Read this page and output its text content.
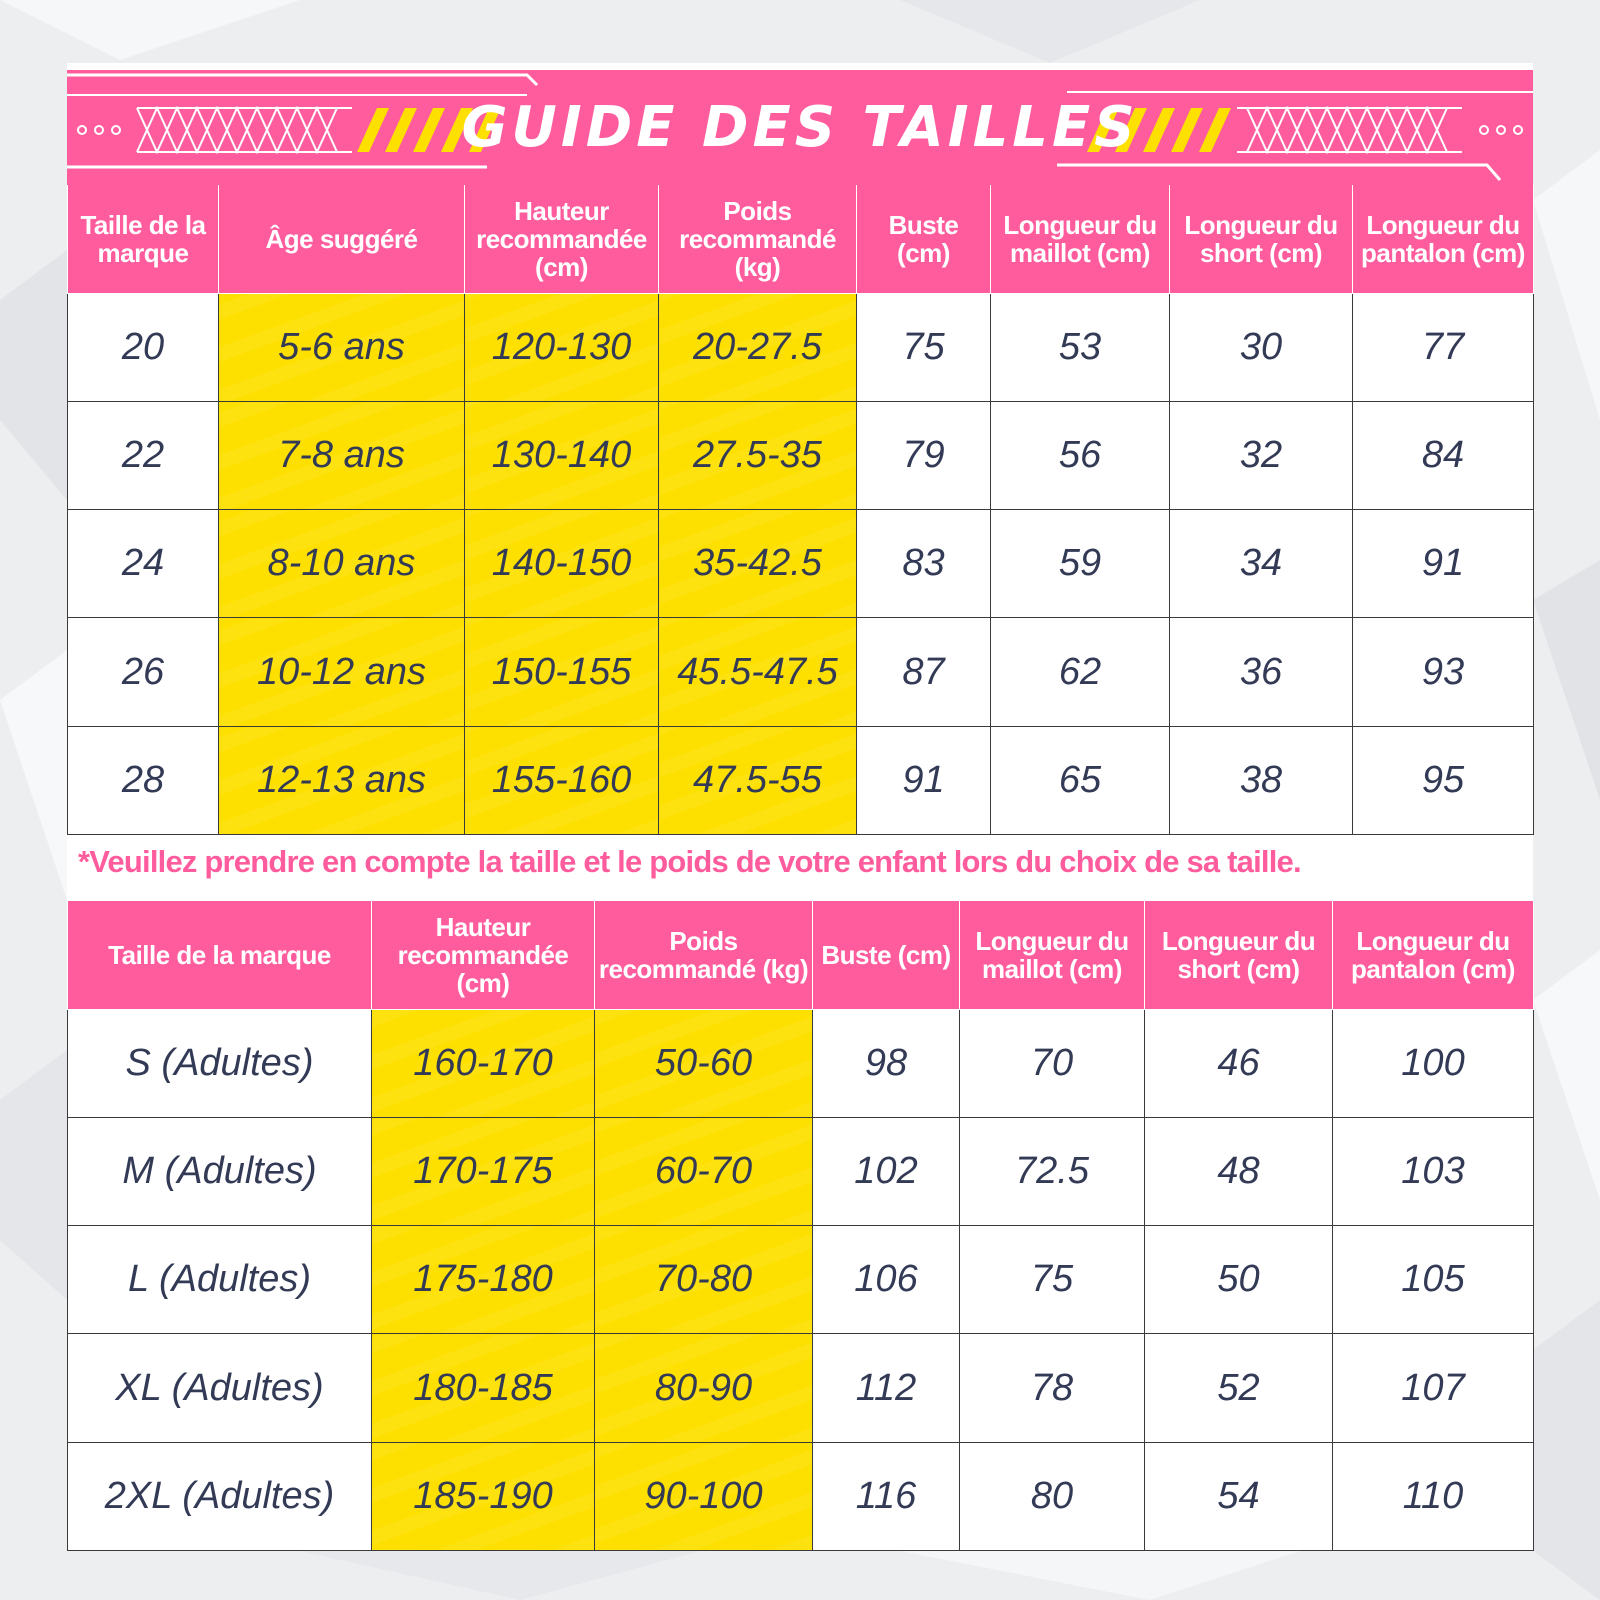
GUIDE DES TAILLES
Taille de la marque	Âge suggéré	Hauteur recommandée (cm)	Poids recommandé (kg)	Buste (cm)	Longueur du maillot (cm)	Longueur du short (cm)	Longueur du pantalon (cm)
20	5-6 ans	120-130	20-27.5	75	53	30	77
22	7-8 ans	130-140	27.5-35	79	56	32	84
24	8-10 ans	140-150	35-42.5	83	59	34	91
26	10-12 ans	150-155	45.5-47.5	87	62	36	93
28	12-13 ans	155-160	47.5-55	91	65	38	95
*Veuillez prendre en compte la taille et le poids de votre enfant lors du choix de sa taille.
Taille de la marque	Hauteur recommandée (cm)	Poids recommandé (kg)	Buste (cm)	Longueur du maillot (cm)	Longueur du short (cm)	Longueur du pantalon (cm)
S (Adultes)	160-170	50-60	98	70	46	100
M (Adultes)	170-175	60-70	102	72.5	48	103
L (Adultes)	175-180	70-80	106	75	50	105
XL (Adultes)	180-185	80-90	112	78	52	107
2XL (Adultes)	185-190	90-100	116	80	54	110
